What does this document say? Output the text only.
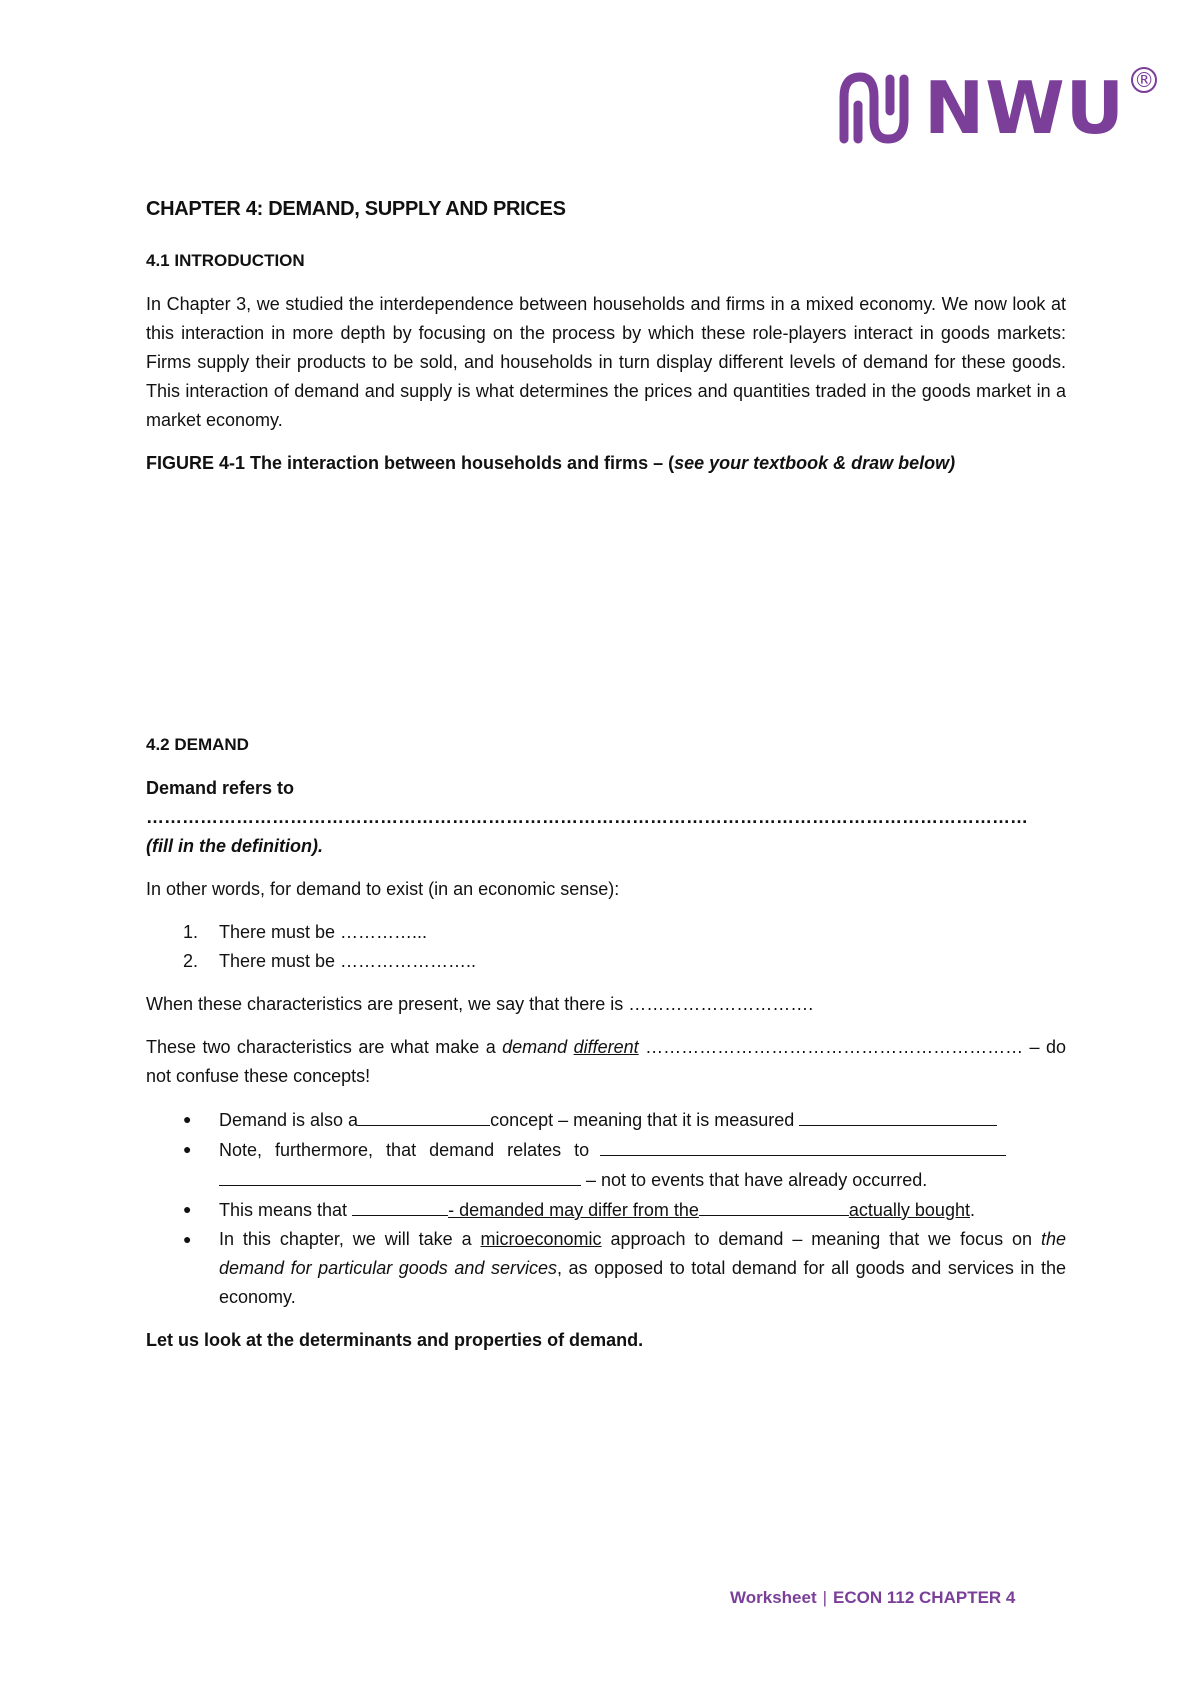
NWU ®
CHAPTER 4: DEMAND, SUPPLY AND PRICES
4.1 INTRODUCTION

In Chapter 3, we studied the interdependence between households and firms in a mixed economy. We now look at this interaction in more depth by focusing on the process by which these role-players interact in goods markets: Firms supply their products to be sold, and households in turn display different levels of demand for these goods. This interaction of demand and supply is what determines the prices and quantities traded in the goods market in a market economy.

FIGURE 4-1 The interaction between households and firms – (see your textbook & draw below)

4.2 DEMAND

Demand refers to …………………………………………………………………………………………………………………………………
(fill in the definition).

In other words, for demand to exist (in an economic sense):

1.	There must be …………...
2.	There must be …………………..

When these characteristics are present, we say that there is ………………………….

These two characteristics are what make a demand different ……………………………………………………… – do not confuse these concepts!

●	Demand is also a	concept – meaning that it is measured
●	Note, furthermore, that demand relates to
– not to events that have already occurred.
●	This means that	- demanded may differ from the	actually bought.
●	In this chapter, we will take a microeconomic approach to demand – meaning that we focus on the demand for particular goods and services, as opposed to total demand for all goods and services in the economy.

Let us look at the determinants and properties of demand.

Worksheet | ECON 112 CHAPTER 4
